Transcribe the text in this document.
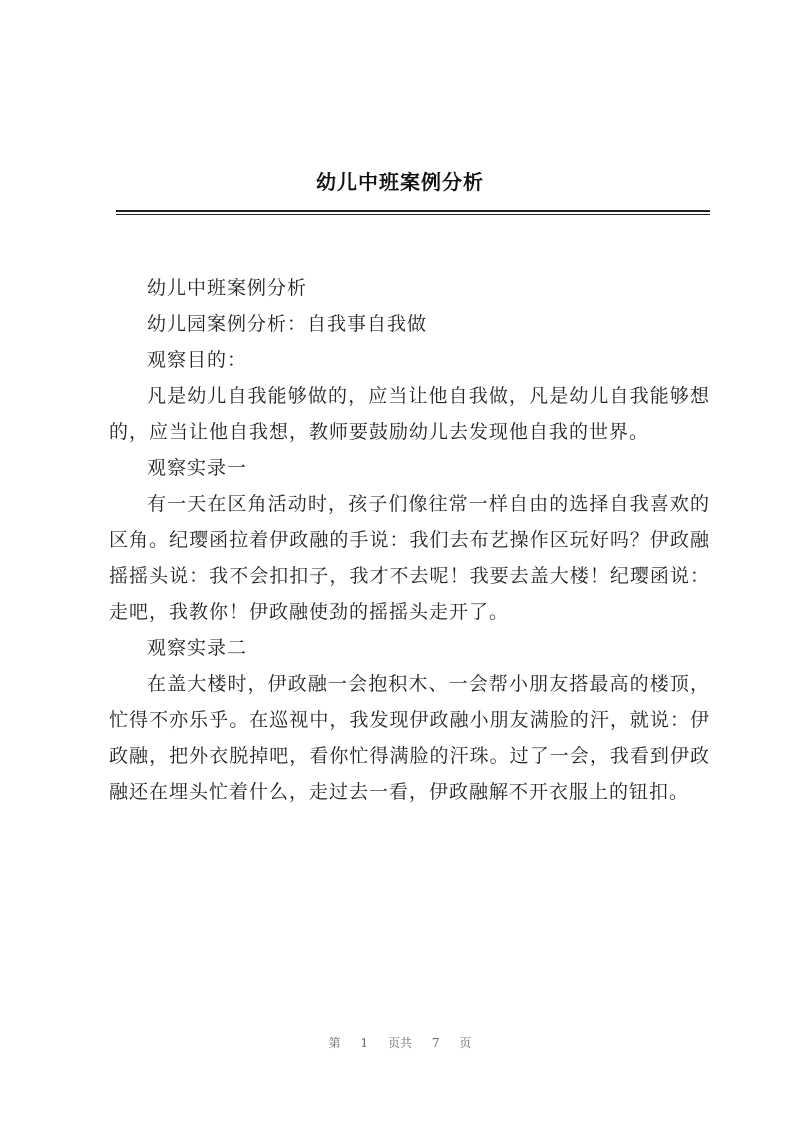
幼儿中班案例分析

幼儿中班案例分析

幼儿园案例分析：自我事自我做

观察目的：

凡是幼儿自我能够做的，应当让他自我做，凡是幼儿自我能够想的，应当让他自我想，教师要鼓励幼儿去发现他自我的世界。

观察实录一

有一天在区角活动时，孩子们像往常一样自由的选择自我喜欢的区角。纪璎函拉着伊政融的手说：我们去布艺操作区玩好吗？伊政融摇摇头说：我不会扣扣子，我才不去呢！我要去盖大楼！纪璎函说：走吧，我教你！伊政融使劲的摇摇头走开了。

观察实录二

在盖大楼时，伊政融一会抱积木、一会帮小朋友搭最高的楼顶，忙得不亦乐乎。在巡视中，我发现伊政融小朋友满脸的汗，就说：伊政融，把外衣脱掉吧，看你忙得满脸的汗珠。过了一会，我看到伊政融还在埋头忙着什么，走过去一看，伊政融解不开衣服上的钮扣。

第 1 页共 7 页
